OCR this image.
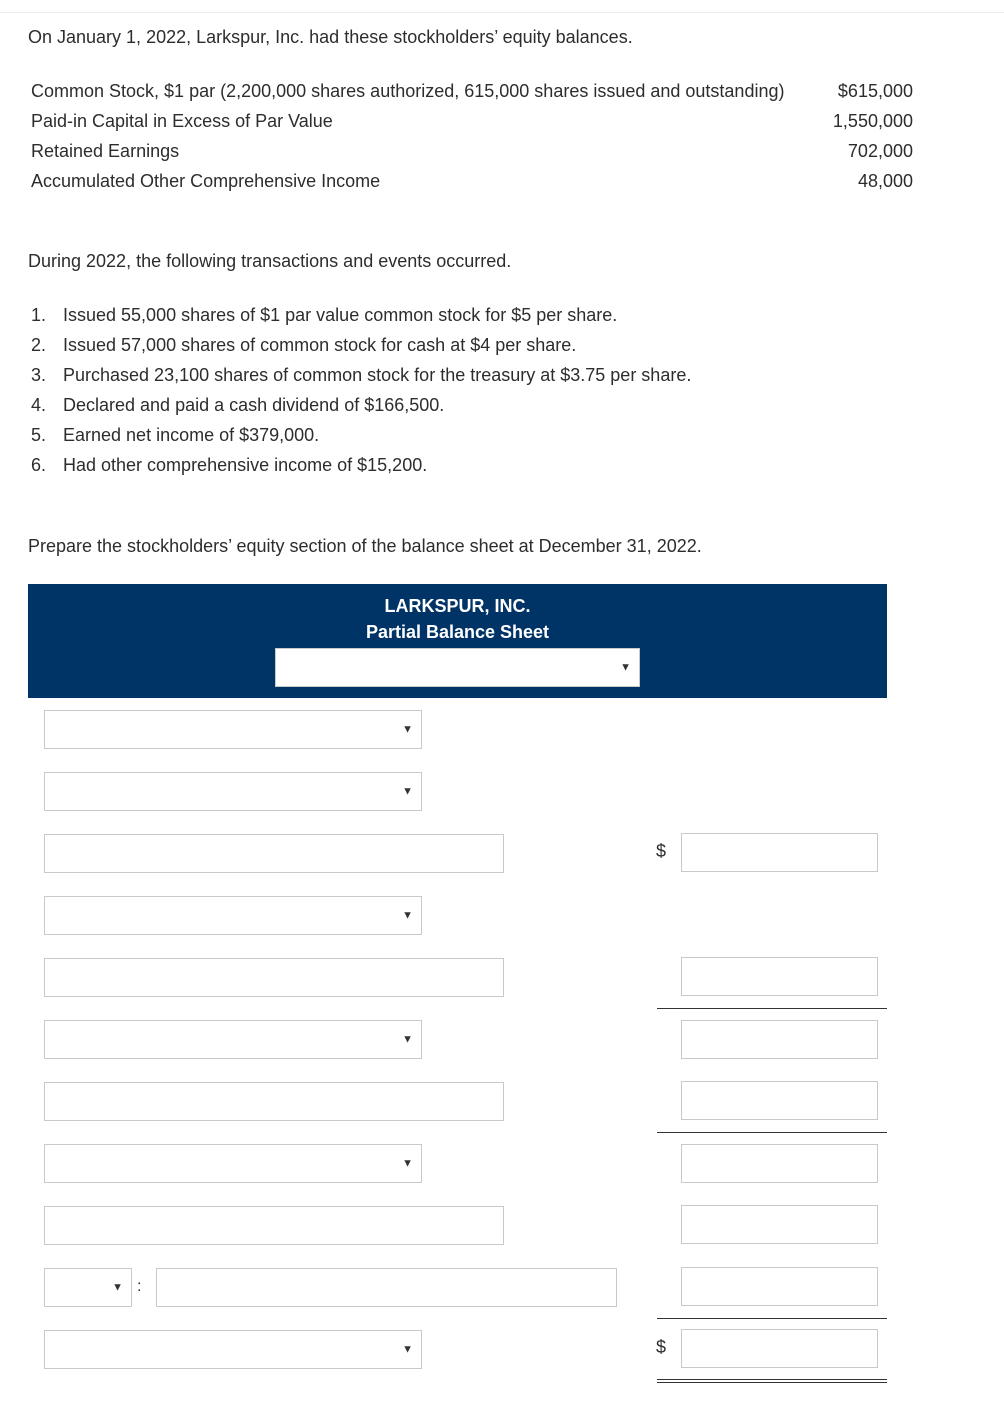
On January 1, 2022, Larkspur, Inc. had these stockholders’ equity balances.
Common Stock, $1 par (2,200,000 shares authorized, 615,000 shares issued and outstanding)	$615,000
Paid-in Capital in Excess of Par Value	1,550,000
Retained Earnings	702,000
Accumulated Other Comprehensive Income	48,000
During 2022, the following transactions and events occurred.
1. Issued 55,000 shares of $1 par value common stock for $5 per share.
2. Issued 57,000 shares of common stock for cash at $4 per share.
3. Purchased 23,100 shares of common stock for the treasury at $3.75 per share.
4. Declared and paid a cash dividend of $166,500.
5. Earned net income of $379,000.
6. Had other comprehensive income of $15,200.
Prepare the stockholders’ equity section of the balance sheet at December 31, 2022.
LARKSPUR, INC.
Partial Balance Sheet
▼
▼
▼
$
▼
▼
▼
▼ :
▼	$
